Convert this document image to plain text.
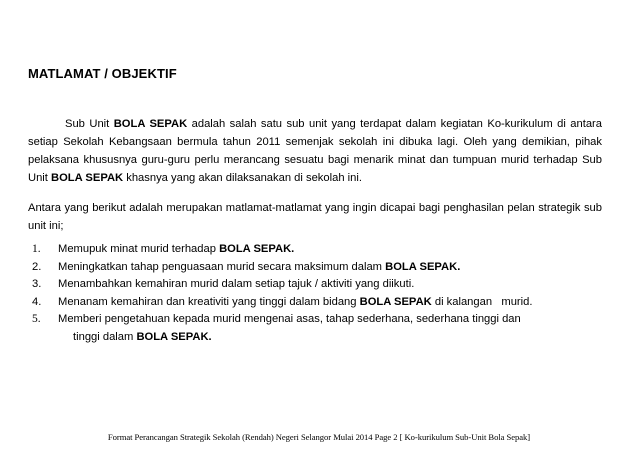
MATLAMAT / OBJEKTIF

Sub Unit BOLA SEPAK adalah salah satu sub unit yang terdapat dalam kegiatan Ko-kurikulum di antara setiap Sekolah Kebangsaan bermula tahun 2011 semenjak sekolah ini dibuka lagi. Oleh yang demikian, pihak pelaksana khususnya guru-guru perlu merancang sesuatu bagi menarik minat dan tumpuan murid terhadap Sub Unit BOLA SEPAK khasnya yang akan dilaksanakan di sekolah ini.

Antara yang berikut adalah merupakan matlamat-matlamat yang ingin dicapai bagi penghasilan pelan strategik sub unit ini;

1. Memupuk minat murid terhadap BOLA SEPAK.
2. Meningkatkan tahap penguasaan murid secara maksimum dalam BOLA SEPAK.
3. Menambahkan kemahiran murid dalam setiap tajuk / aktiviti yang diikuti.
4. Menanam kemahiran dan kreativiti yang tinggi dalam bidang BOLA SEPAK di kalangan   murid.
5. Memberi pengetahuan kepada murid mengenai asas, tahap sederhana, sederhana tinggi dan
tinggi dalam BOLA SEPAK.
Format Perancangan Strategik Sekolah (Rendah) Negeri Selangor Mulai 2014 Page 2 [ Ko-kurikulum Sub-Unit Bola Sepak]
